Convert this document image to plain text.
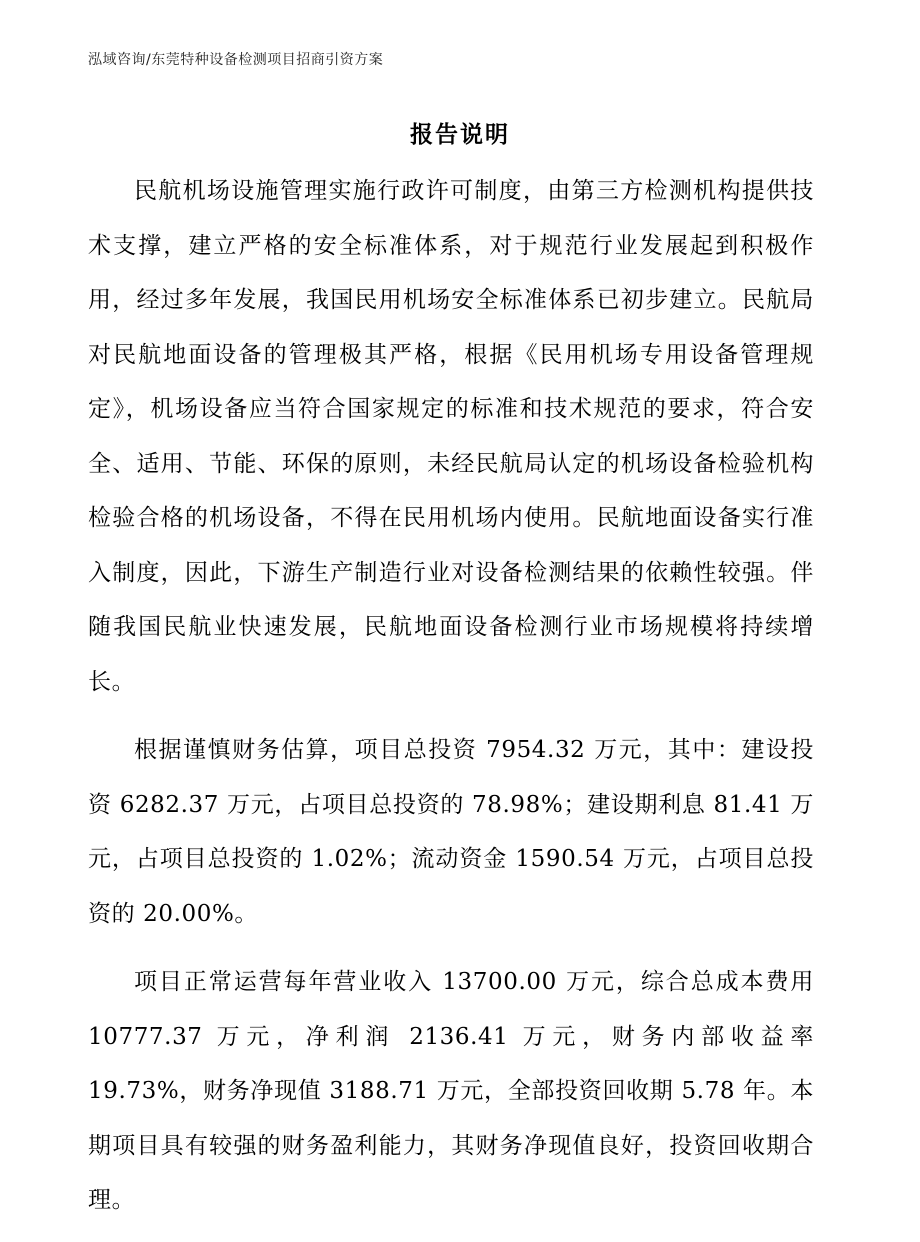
泓域咨询/东莞特种设备检测项目招商引资方案
报告说明

民航机场设施管理实施行政许可制度，由第三方检测机构提供技术支撑，建立严格的安全标准体系，对于规范行业发展起到积极作用，经过多年发展，我国民用机场安全标准体系已初步建立。民航局对民航地面设备的管理极其严格，根据《民用机场专用设备管理规定》，机场设备应当符合国家规定的标准和技术规范的要求，符合安全、适用、节能、环保的原则，未经民航局认定的机场设备检验机构检验合格的机场设备，不得在民用机场内使用。民航地面设备实行准入制度，因此，下游生产制造行业对设备检测结果的依赖性较强。伴随我国民航业快速发展，民航地面设备检测行业市场规模将持续增长。

根据谨慎财务估算，项目总投资 7954.32 万元，其中：建设投资 6282.37 万元，占项目总投资的 78.98%；建设期利息 81.41 万元，占项目总投资的 1.02%；流动资金 1590.54 万元，占项目总投资的 20.00%。

项目正常运营每年营业收入 13700.00 万元，综合总成本费用 10777.37 万元，净利润 2136.41 万元，财务内部收益率 19.73%，财务净现值 3188.71 万元，全部投资回收期 5.78 年。本期项目具有较强的财务盈利能力，其财务净现值良好，投资回收期合理。
